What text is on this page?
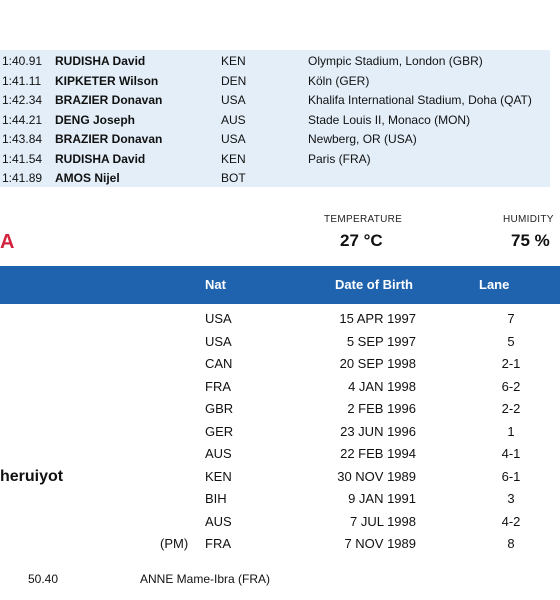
1:40.91 RUDISHA David	KEN	Olympic Stadium, London (GBR)
1:41.11 KIPKETER Wilson	DEN	Köln (GER)
1:42.34 BRAZIER Donavan	USA	Khalifa International Stadium, Doha (QAT)
1:44.21 DENG Joseph	AUS	Stade Louis II, Monaco (MON)
1:43.84 BRAZIER Donavan	USA	Newberg, OR (USA)
1:41.54 RUDISHA David	KEN	Paris (FRA)
1:41.89 AMOS Nijel	BOT
A
TEMPERATURE
27 °C
HUMIDITY
75 %
Nat	Date of Birth	Lane
USA	15 APR 1997	7
USA	5 SEP 1997	5
CAN	20 SEP 1998	2-1
FRA	4 JAN 1998	6-2
GBR	2 FEB 1996	2-2
GER	23 JUN 1996	1
AUS	22 FEB 1994	4-1
heruiyot	KEN	30 NOV 1989	6-1
BIH	9 JAN 1991	3
AUS	7 JUL 1998	4-2
(PM) FRA	7 NOV 1989	8
50.40	ANNE Mame-Ibra (FRA)
